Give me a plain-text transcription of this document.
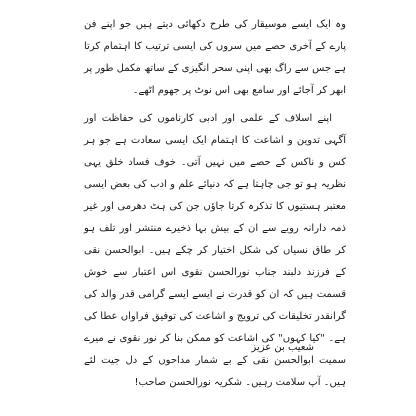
وہ ایک ایسے موسیقار کی طرح دکھائی دیتے ہیں جو اپنے فن پارے کے آخری حصے میں سروں کی ایسی ترتیب کا اہتمام کرتا ہے جس سے راگ بھی اپنی سحر انگیزی کے ساتھ مکمل طور پر ابھر کر آجائے اور سامع بھی اس نوٹ پر جھوم اٹھے۔

اپنے اسلاف کے علمی اور ادبی کارناموں کی حفاظت اور آگہی تدوین و اشاعت کا اہتمام ایک ایسی سعادت ہے جو ہر کس و ناکس کے حصے میں نہیں آتی۔ خوف فساد خلق یہی نظریہ ہو تو جی چاہتا ہے کہ دنیائے علم و ادب کی بعض ایسی معتبر ہستیوں کا تذکرہ کرتا جاؤں جن کی ہٹ دھرمی اور غیر ذمہ دارانہ رویے سے ان کے بیش بہا ذخیرے منتشر اور تلف ہو کر طاق نسیاں کی شکل اختیار کر چکے ہیں۔ ابوالحسن نقی کے فرزند دلبند جناب نورالحسن نقوی اس اعتبار سے خوش قسمت ہیں کہ ان کو قدرت نے ایسے ایسے گرامی قدر والد کی گرانقدر تخلیقات کی ترویج و اشاعت کی توفیق فراواں عطا کی ہے۔ "کیا کہوں" کی اشاعت کو ممکن بنا کر نور نقوی نے میرے سمیت ابوالحسن نقی کے بے شمار مداحوں کے دل جیت لئے ہیں۔ آپ سلامت رہیں۔ شکریہ نورالحسن صاحب!

شعیب بن عزیز
